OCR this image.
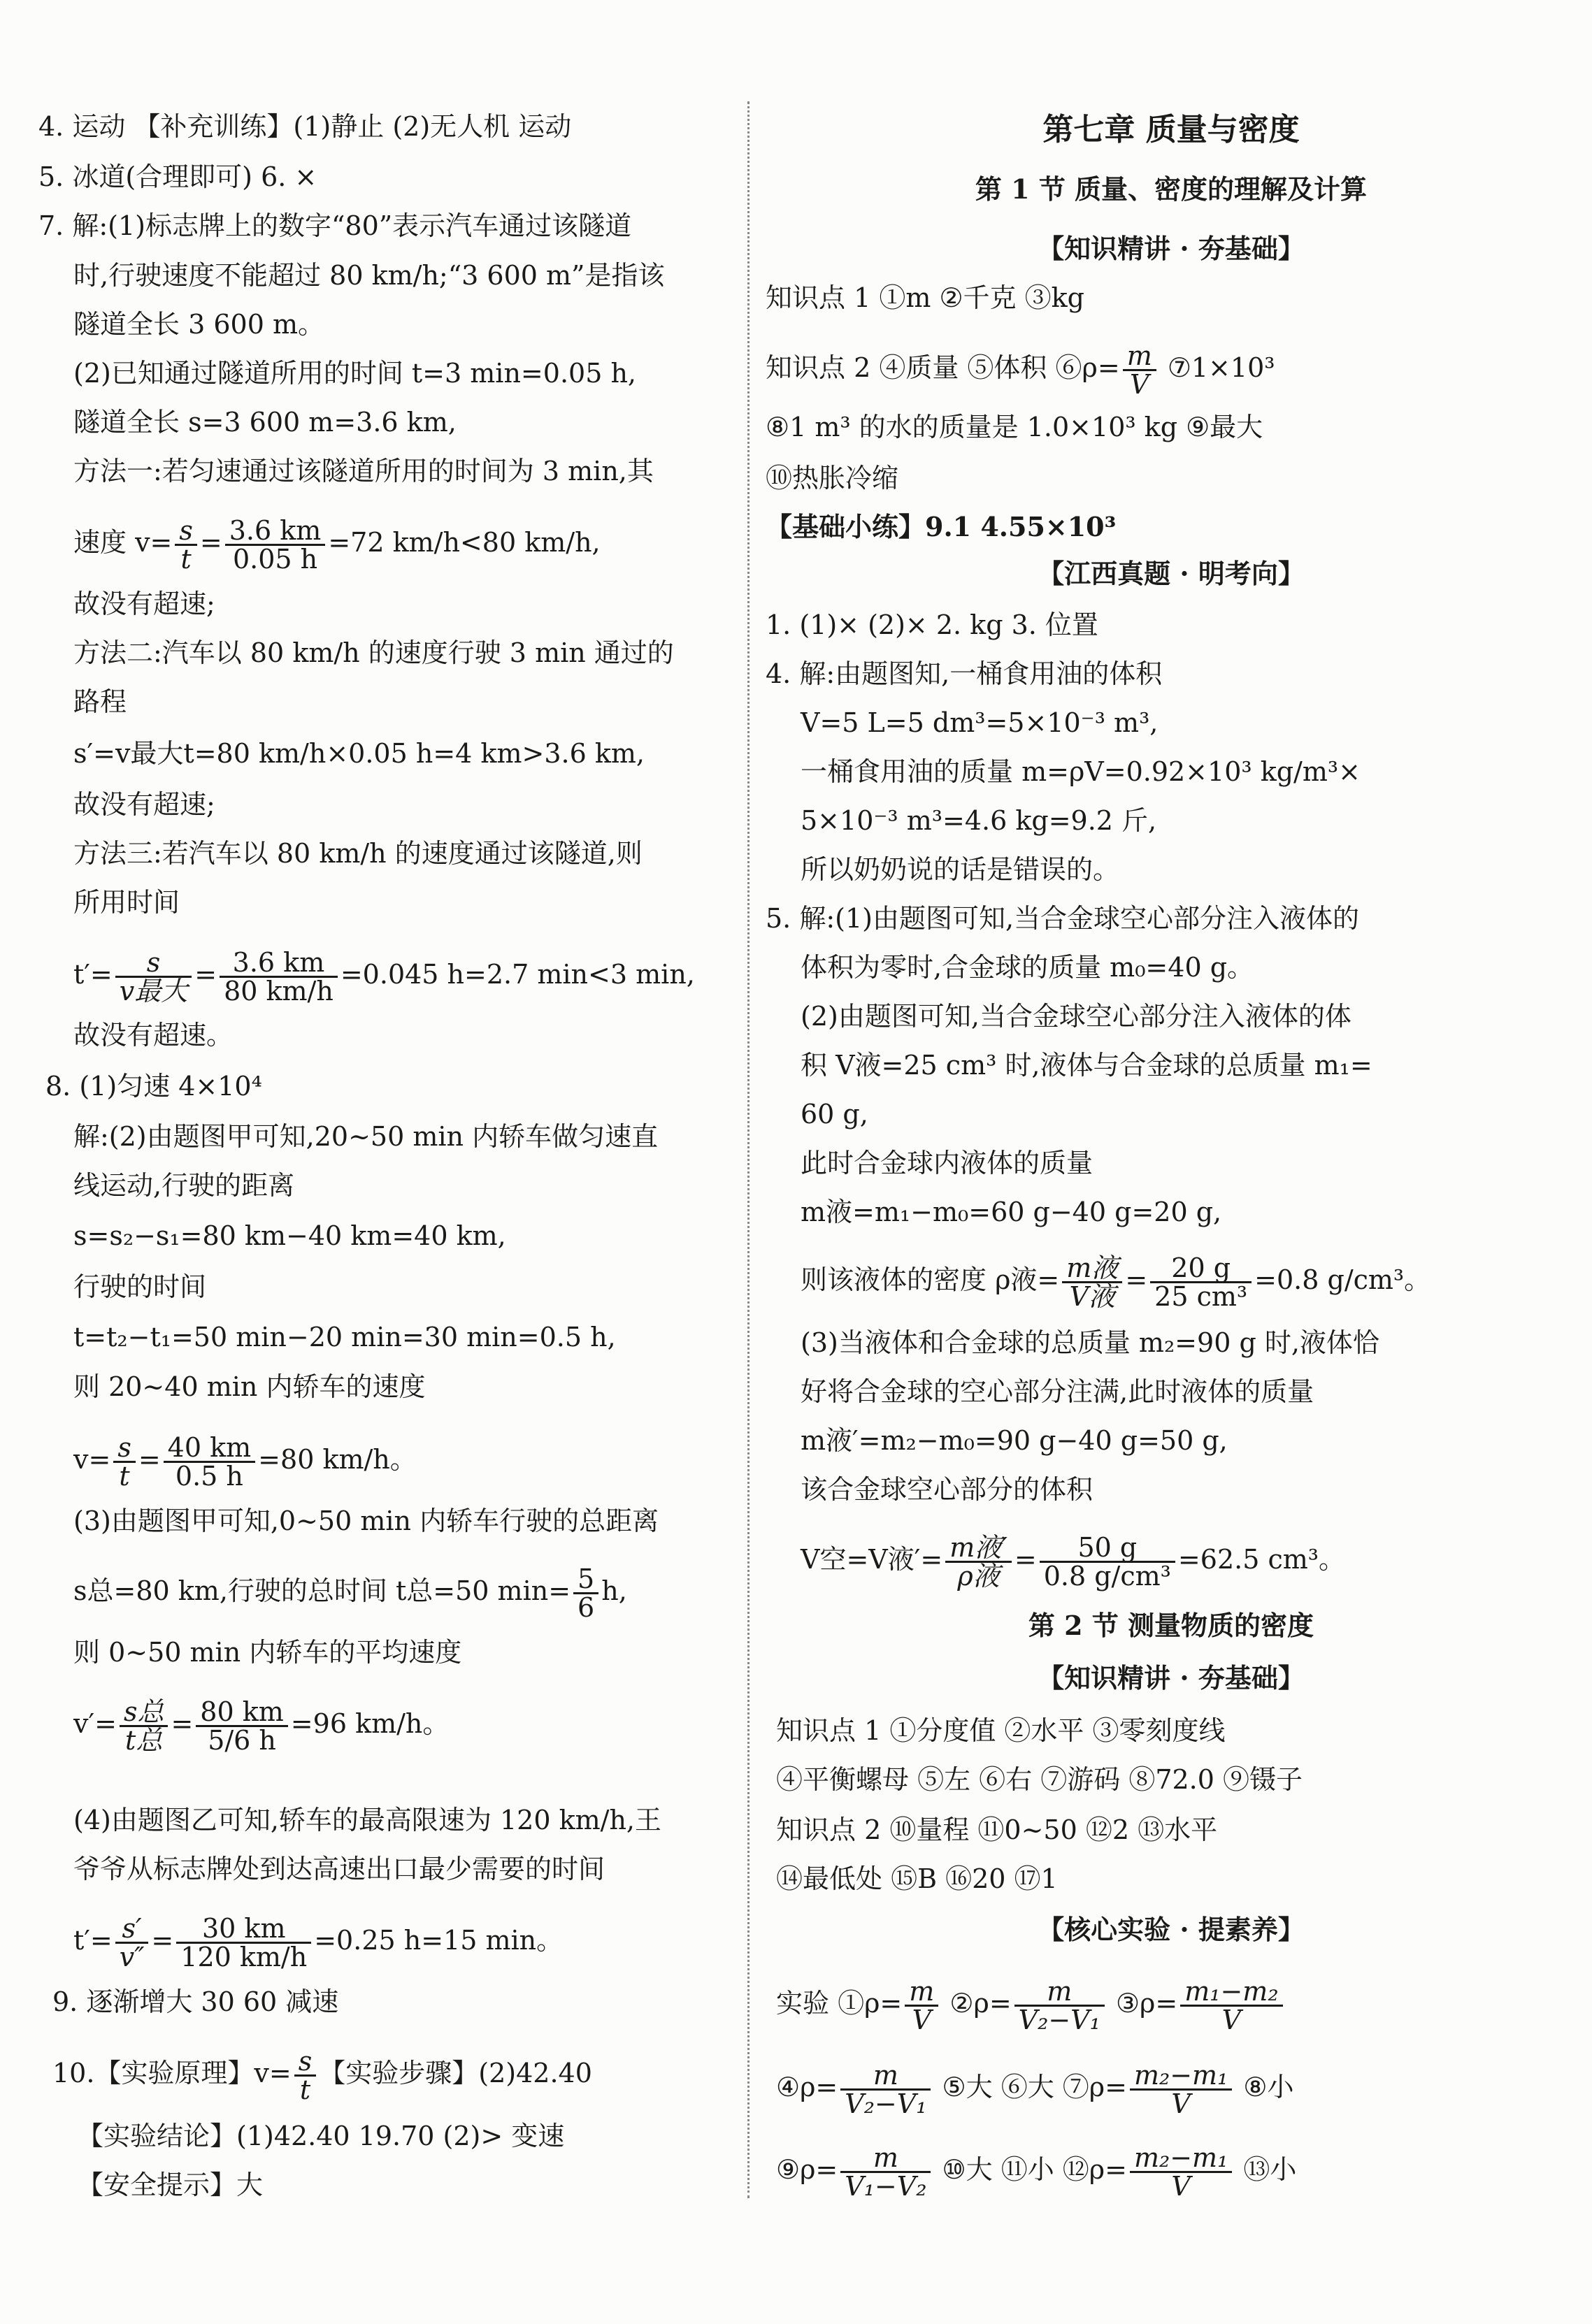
4. 运动 【补充训练】(1)静止 (2)无人机 运动
5. 冰道(合理即可) 6. ×
7. 解:(1)标志牌上的数字“80”表示汽车通过该隧道
时,行驶速度不能超过 80 km/h;“3 600 m”是指该
隧道全长 3 600 m。
(2)已知通过隧道所用的时间 t=3 min=0.05 h,
隧道全长 s=3 600 m=3.6 km,
方法一:若匀速通过该隧道所用的时间为 3 min,其
速度 $v= \frac{s}{t} = \frac{3.6 km}{0.05 h} =72$ km/h<80 km/h,
故没有超速;
方法二:汽车以 80 km/h 的速度行驶 3 min 通过的
路程
s′=v最大t=80 km/h×0.05 h=4 km>3.6 km,
故没有超速;
方法三:若汽车以 80 km/h 的速度通过该隧道,则
所用时间
$t'= \frac{s}{\text{v最大}} = \frac{3.6 km}{80 km/h} =0.045$ h=2.7 min<3 min,
故没有超速。
8. (1)匀速 4×10⁴
解:(2)由题图甲可知,20~50 min 内轿车做匀速直
线运动,行驶的距离
s=s₂−s₁=80 km−40 km=40 km,
行驶的时间
t=t₂−t₁=50 min−20 min=30 min=0.5 h,
则 20~40 min 内轿车的速度
$v= \frac{s}{t} = \frac{40 km}{0.5 h} =80$ km/h。
(3)由题图甲可知,0~50 min 内轿车行驶的总距离
s总=80 km,行驶的总时间 t总=50 $\min= \frac{5}{6} h$,
则 0~50 min 内轿车的平均速度
$v'= \frac{\text{s总}}{\text{t总}} = \frac{80 km}{5/6 h} =96$ km/h。
(4)由题图乙可知,轿车的最高限速为 120 km/h,王
爷爷从标志牌处到达高速出口最少需要的时间
$t'= \frac{s'}{v''} = \frac{30 km}{120 km/h} =0.25$ h=15 min。
9. 逐渐增大 30 60 减速
10.【实验原理】$v= \frac{s}{t}$ 【实验步骤】(2)42.40
【实验结论】(1)42.40 19.70 (2)> 变速
【安全提示】大
第七章 质量与密度
第 1 节 质量、密度的理解及计算
【知识精讲 · 夯基础】
知识点 1 ①m ②千克 ③kg
知识点 2 ④质量 ⑤体积 ⑥ρ= $\frac{m}{V}$ ⑦1×10³
⑧1 m³ 的水的质量是 1.0×10³ kg ⑨最大
⑩热胀冷缩
【基础小练】9.1 4.55×10³
【江西真题 · 明考向】
1. (1)× (2)× 2. kg 3. 位置
4. 解:由题图知,一桶食用油的体积
V=5 L=5 dm³=5×10⁻³ m³,
一桶食用油的质量 m=ρV=0.92×10³ kg/m³×
5×10⁻³ m³=4.6 kg=9.2 斤,
所以奶奶说的话是错误的。
5. 解:(1)由题图可知,当合金球空心部分注入液体的
体积为零时,合金球的质量 m₀=40 g。
(2)由题图可知,当合金球空心部分注入液体的体
积 V液=25 cm³ 时,液体与合金球的总质量 m₁=
60 g,
此时合金球内液体的质量
m液=m₁−m₀=60 g−40 g=20 g,
则该液体的密度 ρ液= $\frac{\text{m液}}{\text{V液}} = \frac{20 g}{\text{25 cm³}} =0.8$ g/cm³。
(3)当液体和合金球的总质量 m₂=90 g 时,液体恰
好将合金球的空心部分注满,此时液体的质量
m液′=m₂−m₀=90 g−40 g=50 g,
该合金球空心部分的体积
V空=V液′= $\frac{\text{m液′}}{\text{ρ液}} = \frac{50 g}{\text{0.8 g/cm³}} =62.5$ cm³。
第 2 节 测量物质的密度
【知识精讲 · 夯基础】
知识点 1 ①分度值 ②水平 ③零刻度线
④平衡螺母 ⑤左 ⑥右 ⑦游码 ⑧72.0 ⑨镊子
知识点 2 ⑩量程 ⑪0~50 ⑫2 ⑬水平
⑭最低处 ⑮B ⑯20 ⑰1
【核心实验 · 提素养】
实验 ①ρ= $\frac{m}{V}$ ②ρ= $\frac{m}{\text{V₂−V₁}}$ ③ρ= $\frac{\text{m₁−m₂}}{V}$
④ρ= $\frac{m}{\text{V₂−V₁}}$ ⑤大 ⑥大 ⑦ρ= $\frac{\text{m₂−m₁}}{V}$ ⑧小
⑨ρ= $\frac{m}{\text{V₁−V₂}}$ ⑩大 ⑪小 ⑫ρ= $\frac{\text{m₂−m₁}}{V}$ ⑬小
